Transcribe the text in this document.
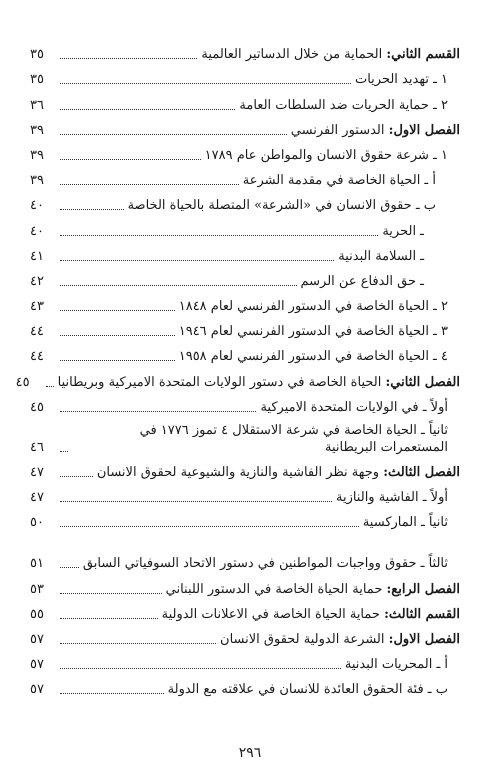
القسم الثاني: الحماية من خلال الدساتير العالمية
٣٥
١ ـ تهديد الحريات
٣٥
٢ ـ حماية الحريات ضد السلطات العامة
٣٦
الفصل الاول: الدستور الفرنسي
٣٩
١ ـ شرعة حقوق الانسان والمواطن عام ١٧٨٩
٣٩
أ ـ الحياة الخاصة في مقدمة الشرعة
٣٩
ب ـ حقوق الانسان في «الشرعة» المتصلة بالحياة الخاصة
٤٠
ـ الحرية
٤٠
ـ السلامة البدنية
٤١
ـ حق الدفاع عن الرسم
٤٢
٢ ـ الحياة الخاصة في الدستور الفرنسي لعام ١٨٤٨
٤٣
٣ ـ الحياة الخاصة في الدستور الفرنسي لعام ١٩٤٦
٤٤
٤ ـ الحياة الخاصة في الدستور الفرنسي لعام ١٩٥٨
٤٤
الفصل الثاني: الحياة الخاصة في دستور الولايات المتحدة الاميركية وبريطانيا
٤٥
أولاً ـ في الولايات المتحدة الاميركية
٤٥
ثانياً ـ الحياة الخاصة في شرعة الاستقلال ٤ تموز ١٧٧٦ في المستعمرات البريطانية
٤٦
الفصل الثالث: وجهة نظر الفاشية والنازية والشيوعية لحقوق الانسان
٤٧
أولاً ـ الفاشية والنازية
٤٧
ثانياً ـ الماركسية
٥٠
ثالثاً ـ حقوق وواجبات المواطنين في دستور الاتحاد السوفياتي السابق
٥١
الفصل الرابع: حماية الحياة الخاصة في الدستور اللبناني
٥٣
القسم الثالث: حماية الحياة الخاصة في الاعلانات الدولية
٥٥
الفصل الاول: الشرعة الدولية لحقوق الانسان
٥٧
أ ـ المحريات البدنية
٥٧
ب ـ فئة الحقوق العائدة للانسان في علاقته مع الدولة
٥٧
٢٩٦
